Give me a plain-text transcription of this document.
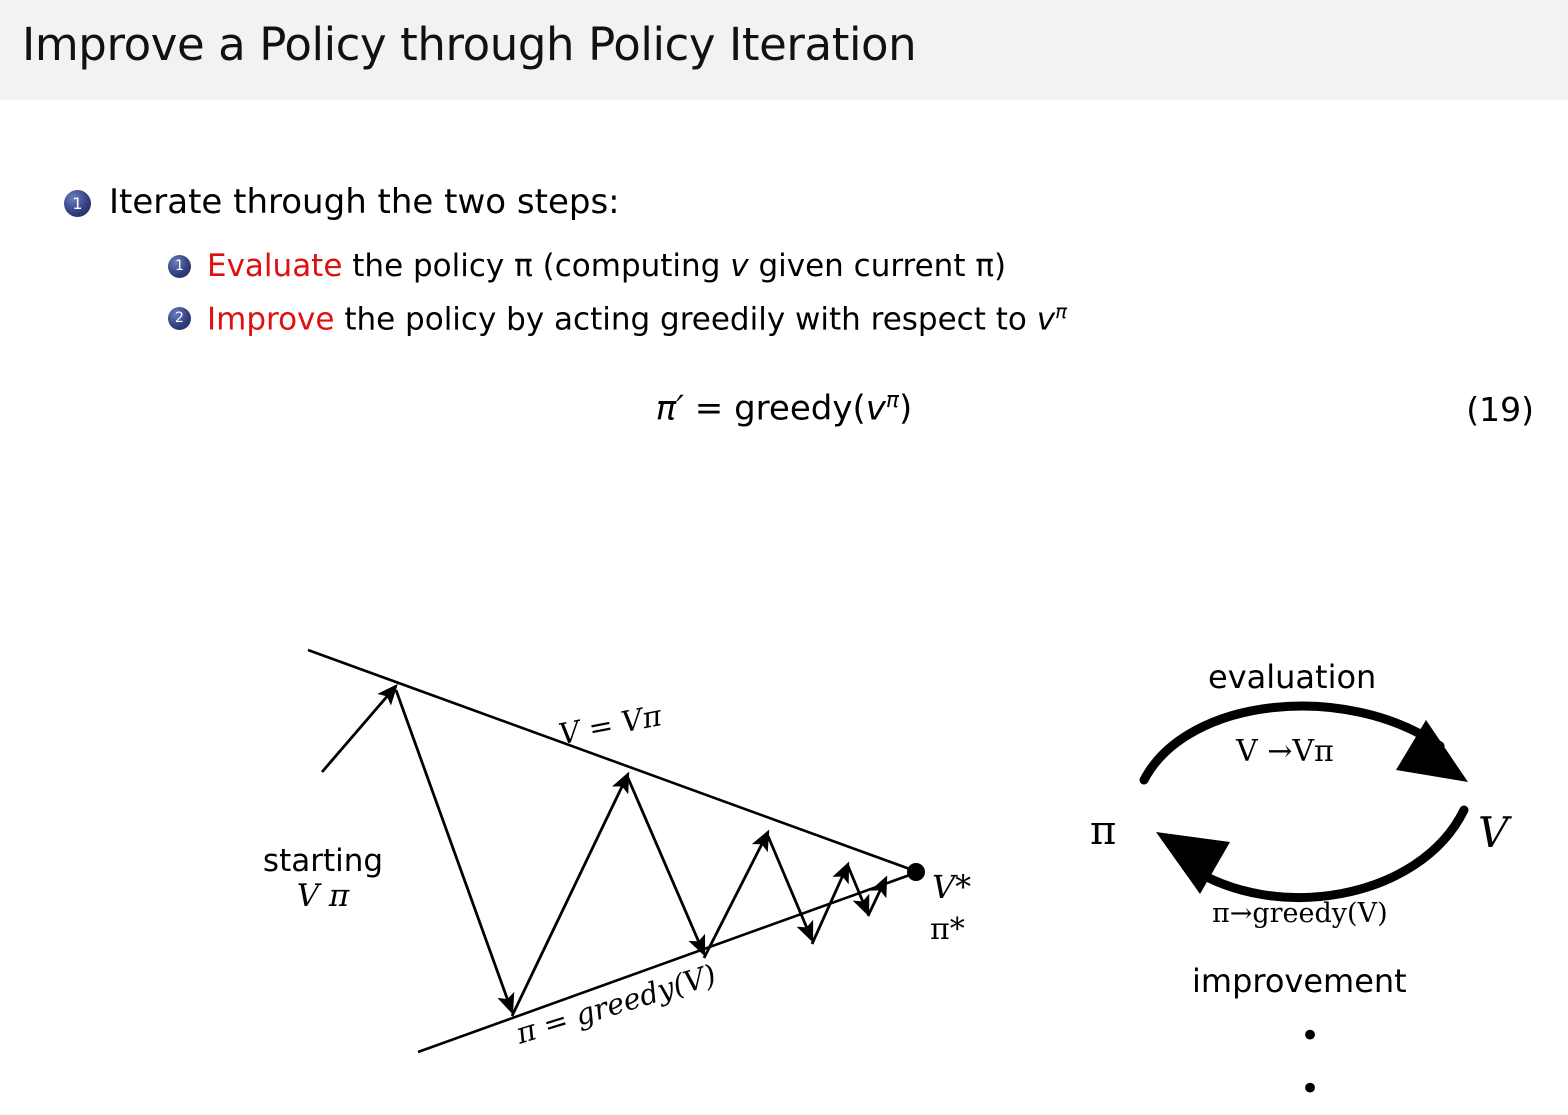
Improve a Policy through Policy Iteration
1 Iterate through the two steps:
1 Evaluate the policy π (computing v given current π)
2 Improve the policy by acting greedily with respect to $v^\pi$
$\pi' = greedy(v^\pi)$	(19)
starting
V π
V = Vπ
π = greedy(V)
V*
π*
evaluation
improvement
π	V
V →Vπ
π→greedy(V)
•
•
